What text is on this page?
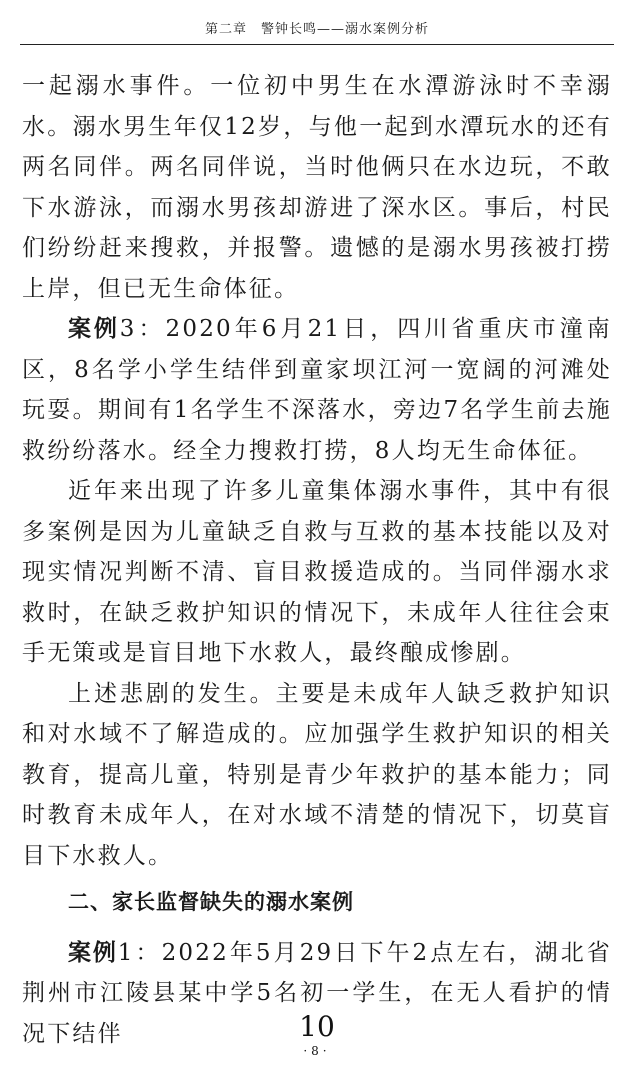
第二章　警钟长鸣——溺水案例分析

一起溺水事件。一位初中男生在水潭游泳时不幸溺水。溺水男生年仅12岁，与他一起到水潭玩水的还有两名同伴。两名同伴说，当时他俩只在水边玩，不敢下水游泳，而溺水男孩却游进了深水区。事后，村民们纷纷赶来搜救，并报警。遗憾的是溺水男孩被打捞上岸，但已无生命体征。

案例3：2020年6月21日，四川省重庆市潼南区，8名学小学生结伴到童家坝江河一宽阔的河滩处玩耍。期间有1名学生不深落水，旁边7名学生前去施救纷纷落水。经全力搜救打捞，8人均无生命体征。

近年来出现了许多儿童集体溺水事件，其中有很多案例是因为儿童缺乏自救与互救的基本技能以及对现实情况判断不清、盲目救援造成的。当同伴溺水求救时，在缺乏救护知识的情况下，未成年人往往会束手无策或是盲目地下水救人，最终酿成惨剧。

上述悲剧的发生。主要是未成年人缺乏救护知识和对水域不了解造成的。应加强学生救护知识的相关教育，提高儿童，特别是青少年救护的基本能力；同时教育未成年人，在对水域不清楚的情况下，切莫盲目下水救人。

二、家长监督缺失的溺水案例

案例1：2022年5月29日下午2点左右，湖北省荆州市江陵县某中学5名初一学生，在无人看护的情况下结伴	10
·8·
